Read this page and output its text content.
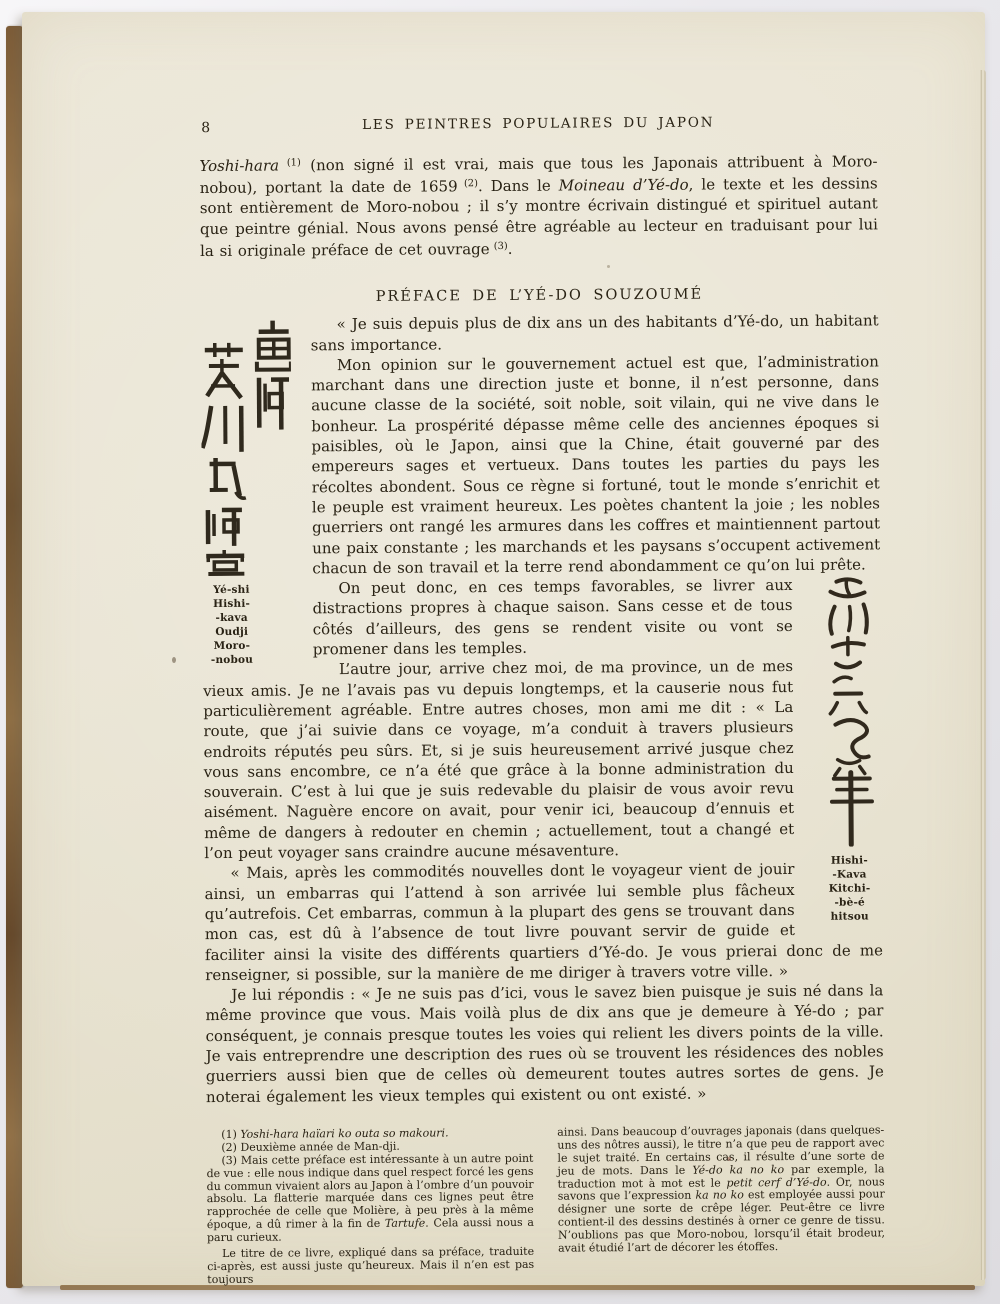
8	LES PEINTRES POPULAIRES DU JAPON

Yoshi-hara $^{(1)}$ (non signé il est vrai, mais que tous les Japonais attribuent à Moro-nobou), portant la date de 1659 $^{(2)}$. Dans le Moineau d’Yé-do, le texte et les dessins sont entièrement de Moro-nobou ; il s’y montre écrivain distingué et spirituel autant que peintre génial. Nous avons pensé être agréable au lecteur en traduisant pour lui la si originale préface de cet ouvrage $^{(3)}$.

PRÉFACE DE L’YÉ-DO SOUZOUMÉ

Yé-shi
Hishi-
-kava
Oudji
Moro-
-nobou
« Je suis depuis plus de dix ans un des habitants d’Yé-do, un habitant sans importance.

Mon opinion sur le gouvernement actuel est que, l’administration marchant dans une direction juste et bonne, il n’est personne, dans aucune classe de la société, soit noble, soit vilain, qui ne vive dans le bonheur. La prospérité dépasse même celle des anciennes époques si paisibles, où le Japon, ainsi que la Chine, était gouverné par des empereurs sages et vertueux. Dans toutes les parties du pays les récoltes abondent. Sous ce règne si fortuné, tout le monde s’enrichit et le peuple est vraiment heureux. Les poètes chantent la joie ; les nobles guerriers ont rangé les armures dans les coffres et maintiennent partout une paix constante ; les marchands et les paysans s’occupent activement chacun de son travail et la terre rend abondamment ce qu’on lui prête.

Hishi-
-Kava
Kitchi-
-bè-é
hitsou
On peut donc, en ces temps favorables, se livrer aux distractions propres à chaque saison. Sans cesse et de tous côtés d’ailleurs, des gens se rendent visite ou vont se promener dans les temples.

L’autre jour, arrive chez moi, de ma province, un de mes vieux amis. Je ne l’avais pas vu depuis longtemps, et la causerie nous fut particulièrement agréable. Entre autres choses, mon ami me dit : « La route, que j’ai suivie dans ce voyage, m’a conduit à travers plusieurs endroits réputés peu sûrs. Et, si je suis heureusement arrivé jusque chez vous sans encombre, ce n’a été que grâce à la bonne administration du souverain. C’est à lui que je suis redevable du plaisir de vous avoir revu aisément. Naguère encore on avait, pour venir ici, beaucoup d’ennuis et même de dangers à redouter en chemin ; actuellement, tout a changé et l’on peut voyager sans craindre aucune mésaventure.

« Mais, après les commodités nouvelles dont le voyageur vient de jouir ainsi, un embarras qui l’attend à son arrivée lui semble plus fâcheux qu’autrefois. Cet embarras, commun à la plupart des gens se trouvant dans mon cas, est dû à l’absence de tout livre pouvant servir de guide et faciliter ainsi la visite des différents quartiers d’Yé-do. Je vous prierai donc de me renseigner, si possible, sur la manière de me diriger à travers votre ville. »

Je lui répondis : « Je ne suis pas d’ici, vous le savez bien puisque je suis né dans la même province que vous. Mais voilà plus de dix ans que je demeure à Yé-do ; par conséquent, je connais presque toutes les voies qui relient les divers points de la ville. Je vais entreprendre une description des rues où se trouvent les résidences des nobles guerriers aussi bien que de celles où demeurent toutes autres sortes de gens. Je noterai également les vieux temples qui existent ou ont existé. »

(1) Yoshi-hara haïari ko outa so makouri.

(2) Deuxième année de Man-dji.

(3) Mais cette préface est intéressante à un autre point de vue : elle nous indique dans quel respect forcé les gens du commun vivaient alors au Japon à l’ombre d’un pouvoir absolu. La flatterie marquée dans ces lignes peut être rapprochée de celle que Molière, à peu près à la même époque, a dû rimer à la fin de Tartufe. Cela aussi nous a paru curieux.

Le titre de ce livre, expliqué dans sa préface, traduite ci-après, est aussi juste qu’heureux. Mais il n’en est pas toujours

ainsi. Dans beaucoup d’ouvrages japonais (dans quelques-uns des nôtres aussi), le titre n’a que peu de rapport avec le sujet traité. En certains cas, il résulte d’une sorte de jeu de mots. Dans le Yé-do ka no ko par exemple, la traduction mot à mot est le petit cerf d’Yé-do. Or, nous savons que l’expression ka no ko est employée aussi pour désigner une sorte de crêpe léger. Peut-être ce livre contient-il des dessins destinés à orner ce genre de tissu. N’oublions pas que Moro-nobou, lorsqu’il était brodeur, avait étudié l’art de décorer les étoffes.
